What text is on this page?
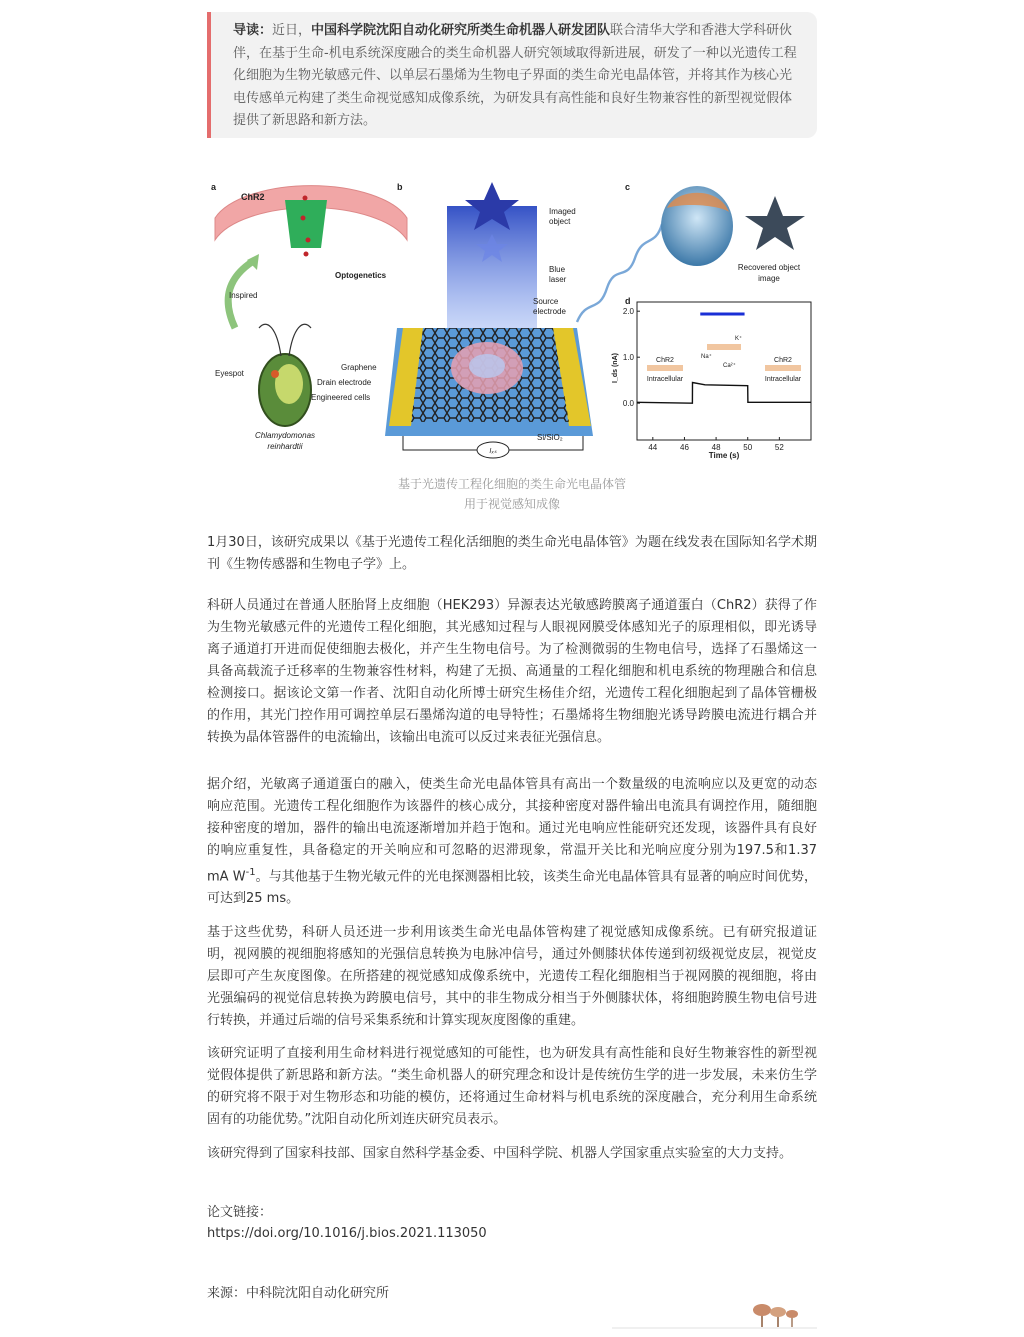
导读：近日，中国科学院沈阳自动化研究所类生命机器人研发团队联合清华大学和香港大学科研伙伴，在基于生命-机电系统深度融合的类生命机器人研究领域取得新进展，研发了一种以光遗传工程化细胞为生物光敏感元件、以单层石墨烯为生物电子界面的类生命光电晶体管，并将其作为核心光电传感单元构建了类生命视觉感知成像系统，为研发具有高性能和良好生物兼容性的新型视觉假体提供了新思路和新方法。
a
ChR2
Optogenetics
Inspired
Eyespot
Chlamydomonas
reinhardtii
b
Imaged
object
Blue
laser
Source
electrode
Graphene
Drain electrode
Engineered cells
Si/SiO₂
Iₓₛ
c
Recovered object
image
d
44	46	48	50	52
0.0
1.0
2.0
I_ds (nA)
Time (s)
ChR2
Intracellular
ChR2
Intracellular
K⁺
Na⁺
Ca²⁺
基于光遗传工程化细胞的类生命光电晶体管
用于视觉感知成像

1月30日，该研究成果以《基于光遗传工程化活细胞的类生命光电晶体管》为题在线发表在国际知名学术期刊《生物传感器和生物电子学》上。

科研人员通过在普通人胚胎肾上皮细胞（HEK293）异源表达光敏感跨膜离子通道蛋白（ChR2）获得了作为生物光敏感元件的光遗传工程化细胞，其光感知过程与人眼视网膜受体感知光子的原理相似，即光诱导离子通道打开进而促使细胞去极化，并产生生物电信号。为了检测微弱的生物电信号，选择了石墨烯这一具备高载流子迁移率的生物兼容性材料，构建了无损、高通量的工程化细胞和机电系统的物理融合和信息检测接口。据该论文第一作者、沈阳自动化所博士研究生杨佳介绍，光遗传工程化细胞起到了晶体管栅极的作用，其光门控作用可调控单层石墨烯沟道的电导特性；石墨烯将生物细胞光诱导跨膜电流进行耦合并转换为晶体管器件的电流输出，该输出电流可以反过来表征光强信息。

据介绍，光敏离子通道蛋白的融入，使类生命光电晶体管具有高出一个数量级的电流响应以及更宽的动态响应范围。光遗传工程化细胞作为该器件的核心成分，其接种密度对器件输出电流具有调控作用，随细胞接种密度的增加，器件的输出电流逐渐增加并趋于饱和。通过光电响应性能研究还发现，该器件具有良好的响应重复性，具备稳定的开关响应和可忽略的迟滞现象，常温开关比和光响应度分别为197.5和1.37 mA $W^{-1}$。与其他基于生物光敏元件的光电探测器相比较，该类生命光电晶体管具有显著的响应时间优势，可达到25 ms。

基于这些优势，科研人员还进一步利用该类生命光电晶体管构建了视觉感知成像系统。已有研究报道证明，视网膜的视细胞将感知的光强信息转换为电脉冲信号，通过外侧膝状体传递到初级视觉皮层，视觉皮层即可产生灰度图像。在所搭建的视觉感知成像系统中，光遗传工程化细胞相当于视网膜的视细胞，将由光强编码的视觉信息转换为跨膜电信号，其中的非生物成分相当于外侧膝状体，将细胞跨膜生物电信号进行转换，并通过后端的信号采集系统和计算实现灰度图像的重建。

该研究证明了直接利用生命材料进行视觉感知的可能性，也为研发具有高性能和良好生物兼容性的新型视觉假体提供了新思路和新方法。“类生命机器人的研究理念和设计是传统仿生学的进一步发展，未来仿生学的研究将不限于对生物形态和功能的模仿，还将通过生命材料与机电系统的深度融合，充分利用生命系统固有的功能优势。”沈阳自动化所刘连庆研究员表示。

该研究得到了国家科技部、国家自然科学基金委、中国科学院、机器人学国家重点实验室的大力支持。

论文链接：

https://doi.org/10.1016/j.bios.2021.113050

来源：中科院沈阳自动化研究所
